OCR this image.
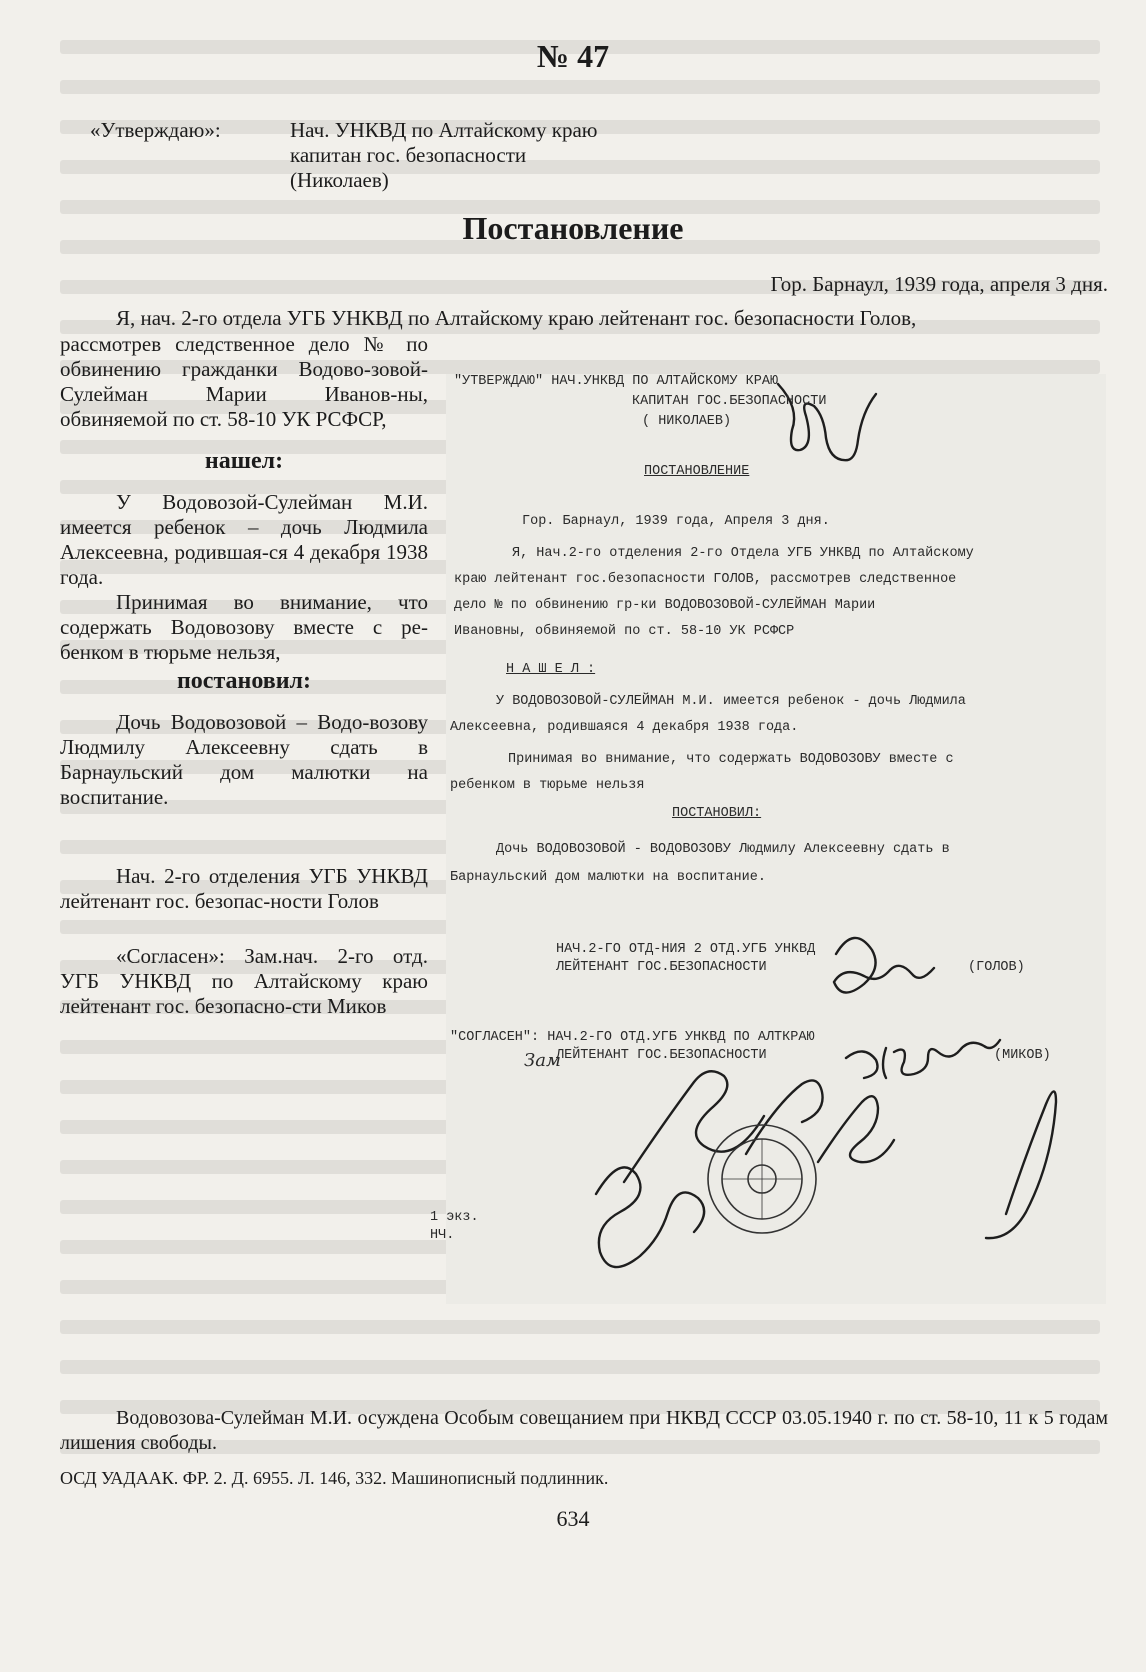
№ 47
«Утверждаю»:	Нач. УНКВД по Алтайскому краю
капитан гос. безопасности
(Николаев)
Постановление
Гор. Барнаул, 1939 года, апреля 3 дня.

Я, нач. 2-го отдела УГБ УНКВД по Алтайскому краю лейтенант гос. безопасности Голов,

рассмотрев следственное дело № по обвинению гражданки Водово-зовой-Сулейман Марии Иванов-ны, обвиняемой по ст. 58-10 УК РСФСР,

нашел:

У Водовозой-Сулейман М.И. имеется ребенок – дочь Людмила Алексеевна, родившая-ся 4 декабря 1938 года.

Принимая во внимание, что содержать Водовозову вместе с ре-бенком в тюрьме нельзя,

постановил:

Дочь Водовозовой – Водо-возову Людмилу Алексеевну сдать в Барнаульский дом малютки на воспитание.

Нач. 2-го отделения УГБ УНКВД лейтенант гос. безопас-ности Голов

«Согласен»: Зам.нач. 2-го отд. УГБ УНКВД по Алтайскому краю лейтенант гос. безопасно-сти Миков

"УТВЕРЖДАЮ" НАЧ.УНКВД ПО АЛТАЙСКОМУ КРАЮ
КАПИТАН ГОС.БЕЗОПАСНОСТИ
( НИКОЛАЕВ)
ПОСТАНОВЛЕНИЕ
Гор. Барнаул, 1939 года, Апреля 3 дня.
Я, Нач.2-го отделения 2-го Отдела УГБ УНКВД по Алтайскому
краю лейтенант гос.безопасности ГОЛОВ, рассмотрев следственное
дело № по обвинению гр-ки ВОДОВОЗОВОЙ-СУЛЕЙМАН Марии
Ивановны, обвиняемой по ст. 58-10 УК РСФСР
Н А Ш Е Л :
У ВОДОВОЗОВОЙ-СУЛЕЙМАН М.И. имеется ребенок - дочь Людмила
Алексеевна, родившаяся 4 декабря 1938 года.
Принимая во внимание, что содержать ВОДОВОЗОВУ вместе с
ребенком в тюрьме нельзя
ПОСТАНОВИЛ:
Дочь ВОДОВОЗОВОЙ - ВОДОВОЗОВУ Людмилу Алексеевну сдать в
Барнаульский дом малютки на воспитание.
НАЧ.2-ГО ОТД-НИЯ 2 ОТД.УГБ УНКВД
ЛЕЙТЕНАНТ ГОС.БЕЗОПАСНОСТИ	(ГОЛОВ)
"СОГЛАСЕН": НАЧ.2-ГО ОТД.УГБ УНКВД ПО АЛТКРАЮ
ЛЕЙТЕНАНТ ГОС.БЕЗОПАСНОСТИ	(МИКОВ)
Зам
1 экз.
НЧ.

Водовозова-Сулейман М.И. осуждена Особым совещанием при НКВД СССР 03.05.1940 г. по ст. 58-10, 11 к 5 годам лишения свободы.

ОСД УАДААК. ФР. 2. Д. 6955. Л. 146, 332. Машинописный подлинник.
634
